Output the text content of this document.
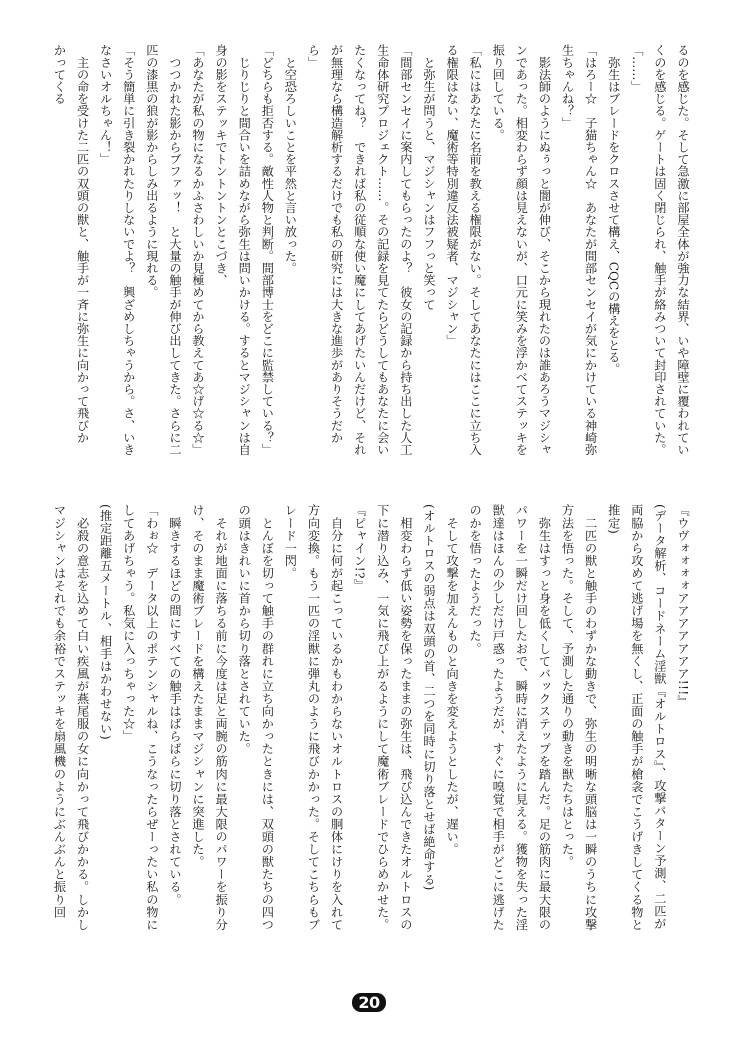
るのを感じた。そして急激に部屋全体が強力な結界、いや障壁に覆われてい
くのを感じる。ゲートは固く閉じられ、触手が絡みついて封印されていた。
「……」
　弥生はブレードをクロスさせて構え、CQCの構えをとる。
「はろー☆　子猫ちゃん☆　あなたが間部センセイが気にかけている神崎弥
生ちゃんね？」
　影法師のようにぬぅっと闇が伸び、そこから現れたのは誰あろうマジシャ
ンであった。相変わらず顔は見えないが、口元に笑みを浮かべてステッキを
振り回している。
「私にはあなたに名前を教える権限がない。そしてあなたにはここに立ち入
る権限はない、魔術等特別違反法被疑者、マジシャン」
　と弥生が問うと、マジシャンはフフっと笑って
「間部センセイに案内してもらったのよ？　彼女の記録から持ち出した人工
生命体研究プロジェクト……。その記録を見てたらどうしてもあなたに会い
たくなってね？　できれば私の従順な使い魔にしてあげたいんだけど、それ
が無理なら構造解析するだけでも私の研究には大きな進歩がありそうだか
ら」
　と空恐ろしいことを平然と言い放った。
「どちらも拒否する。敵性人物と判断。間部博士をどこに監禁している？」
　じりじりと間合いを詰めながら弥生は問いかける。するとマジシャンは自
身の影をステッキでトントントンとこづき、
「あなたが私の物になるかふさわしいか見極めてから教えてあ☆げ☆る☆」
　つつかれた影からブファッ！　と大量の触手が伸び出してきた。さらに二
匹の漆黒の狼が影からしみ出るように現れる。
「そう簡単に引き裂かれたりしないでよ？　興ざめしちゃうから。さ、いき
なさいオルちゃん！」
　主の命を受けた二匹の双頭の獣と、触手が一斉に弥生に向かって飛びか
かってくる
『ウヴォォォォアアアアアアア!!!』
(データ解析、コードネーム淫獣『オルトロス』、攻撃パターン予測、二匹が
両脇から攻めて逃げ場を無くし、正面の触手が槍衾でこうげきしてくる物と
推定)
　二匹の獣と触手のわずかな動きで、弥生の明晰な頭脳は一瞬のうちに攻撃
方法を悟った。そして、予測した通りの動きを獣たちはとった。
　弥生はすっと身を低くしてバックステップを踏んだ。足の筋肉に最大限の
パワーを一瞬だけ回したおで、瞬時に消えたように見える。獲物を失った淫
獣達はほんの少しだけ戸惑ったようだが、すぐに嗅覚で相手がどこに逃げた
のかを悟ったようだった。
　そして攻撃を加えんものと向きを変えようとしたが、遅い。
(オルトロスの弱点は双頭の首、二つを同時に切り落とせば絶命する)
　相変わらず低い姿勢を保ったままの弥生は、飛び込んできたオルトロスの
下に潜り込み、一気に飛び上がるようにして魔術ブレードでひらめかせた。
『ピャイン!?』
　自分に何が起こっているかもわからないオルトロスの胴体にけりを入れて
方向変換。もう一匹の淫獣に弾丸のように飛びかかった。そしてこちらもブ
レード一閃。
　とんぼを切って触手の群れに立ち向かったときには、双頭の獣たちの四つ
の頭はきれいに首から切り落とされていた。
　それが地面に落ちる前に今度は足と両腕の筋肉に最大限のパワーを振り分
け、そのまま魔術ブレードを構えたままマジシャンに突進した。
　瞬きするほどの間にすべての触手はばらばらに切り落とされている。
「わぉ☆　データ以上のポテンシャルね、こうなったらぜーったい私の物に
してあげちゃう。私気に入っちゃった☆」
(推定距離五メートル、相手はかわせない)
　必殺の意志を込めて白い疾風が燕尾服の女に向かって飛びかかる。しかし
マジシャンはそれでも余裕でステッキを扇風機のようにぶんぶんと振り回
20
